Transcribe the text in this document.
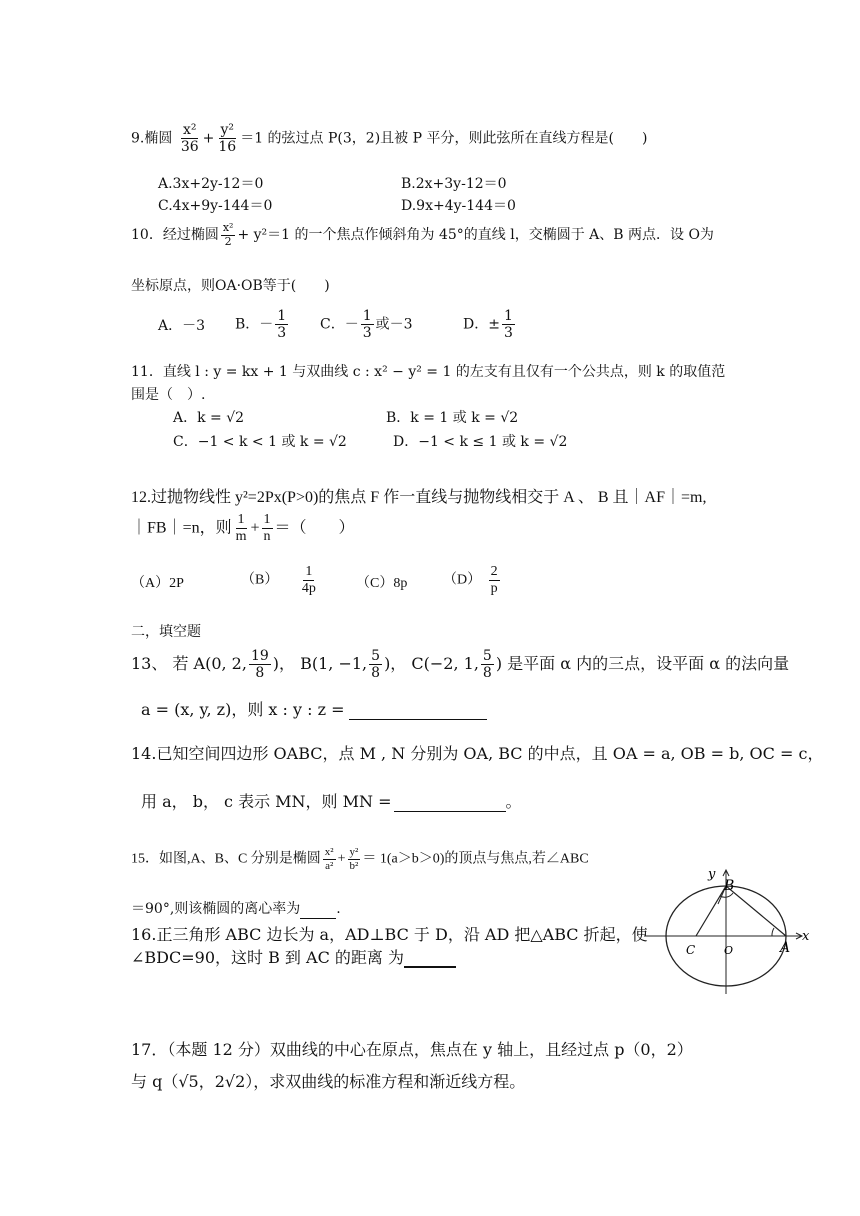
9.椭圆 $\frac{\text{x²}}{36} + \frac{\text{y²}}{16} =1$ 的弦过点 P(3，2)且被 P 平分，则此弦所在直线方程是(　　)
A.3x+2y-12＝0	B.2x+3y-12＝0
C.4x+9y-144＝0	D.9x+4y-144＝0
10．经过椭圆 $\frac{\text{x²}}{2} + y^2=1$ 的一个焦点作倾斜角为 45°的直线 l，交椭圆于 A、B 两点．设 O为
坐标原点，则OA·OB等于(　　)
A．－3 B．－ $\frac{1}{3}$ C．－ $\frac{1}{3}$ 或－3	D．± $\frac{1}{3}$
11．直线 l : y = kx + 1 与双曲线 c : x² − y² = 1 的左支有且仅有一个公共点，则 k 的取值范
围是（　）.
A．k = √2	B．k = 1 或 k = √2
C．−1 < k < 1 或 k = √2	D．−1 < k ≤ 1 或 k = √2
12.过抛物线性 y²=2Px(P>0)的焦点 F 作一直线与抛物线相交于 A 、 B 且｜AF｜=m,
｜FB｜=n，则 $\frac{1}{m} + \frac{1}{n}$ ＝（　　）
（A）2P	$(B) \frac{1}{4p}$	（C）8p	$(D) \frac{2}{p}$
二，填空题
13、 若 A(0, 2, $\frac{19}{8}$ )， B(1, −1, $\frac{5}{8}$ )， C(−2, 1, $\frac{5}{8}$ ) 是平面 α 内的三点，设平面 α 的法向量
a = (x, y, z)，则 x : y : z =
14.已知空间四边形 OABC，点 M , N 分别为 OA, BC 的中点，且 OA = a, OB = b, OC = c，
用 a， b， c 表示 MN，则 MN =	。
15．如图,A、B、C 分别是椭圆 $\frac{\text{x²}}{\text{a²}} + \frac{\text{y²}}{\text{b²}} = 1(a>b>0)$的顶点与焦点,若∠ABC
＝90°,则该椭圆的离心率为	.
16.正三角形 ABC 边长为 a，AD⊥BC 于 D，沿 AD 把△ABC 折起，使
∠BDC=90，这时 B 到 AC 的距离 为
y
B
C	O	A
x
17．（本题 12 分）双曲线的中心在原点，焦点在 y 轴上，且经过点 p（0，2）
与 q（√5，2√2），求双曲线的标准方程和渐近线方程。
